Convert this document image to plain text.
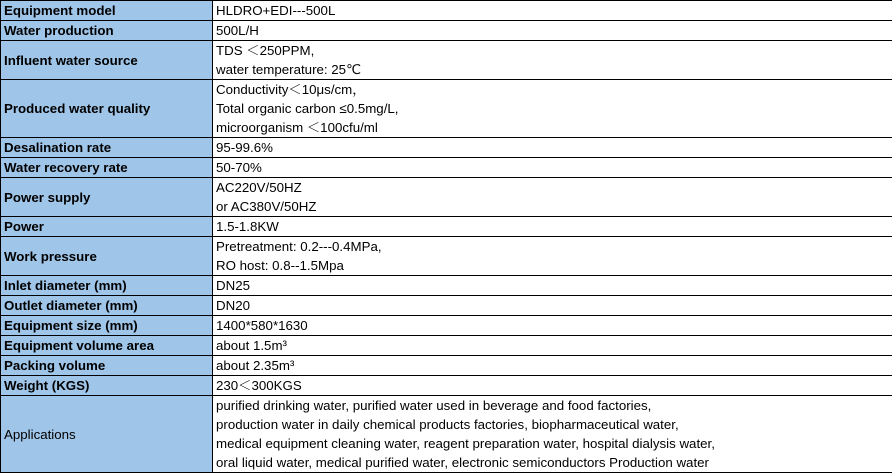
Equipment model	HLDRO+EDI---500L

Water production	500L/H

Influent water source	TDS ＜250PPM,
water temperature: 25℃

Produced water quality	Conductivity＜10μs/cm，
Total organic carbon ≤0.5mg/L,
microorganism ＜100cfu/ml

Desalination rate	95-99.6%

Water recovery rate	50-70%

Power supply	AC220V/50HZ
or AC380V/50HZ

Power	1.5-1.8KW

Work pressure	Pretreatment: 0.2---0.4MPa,
RO host: 0.8--1.5Mpa

Inlet diameter (mm)	DN25

Outlet diameter (mm)	DN20

Equipment size (mm)	1400*580*1630

Equipment volume area	about 1.5m³

Packing volume	about 2.35m³

Weight (KGS)	230＜300KGS

Applications	purified drinking water, purified water used in beverage and food factories,
production water in daily chemical products factories, biopharmaceutical water,
medical equipment cleaning water, reagent preparation water, hospital dialysis water,
oral liquid water, medical purified water, electronic semiconductors Production water
